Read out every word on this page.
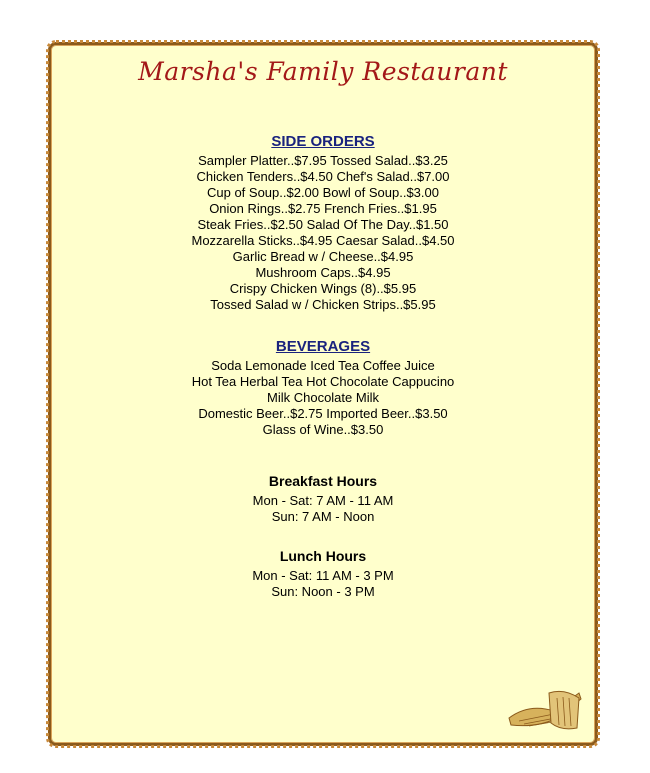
Marsha's Family Restaurant
SIDE ORDERS
Sampler Platter..$7.95 Tossed Salad..$3.25
Chicken Tenders..$4.50 Chef's Salad..$7.00
Cup of Soup..$2.00 Bowl of Soup..$3.00
Onion Rings..$2.75 French Fries..$1.95
Steak Fries..$2.50 Salad Of The Day..$1.50
Mozzarella Sticks..$4.95 Caesar Salad..$4.50
Garlic Bread w / Cheese..$4.95
Mushroom Caps..$4.95
Crispy Chicken Wings (8)..$5.95
Tossed Salad w / Chicken Strips..$5.95
BEVERAGES
Soda Lemonade Iced Tea Coffee Juice
Hot Tea Herbal Tea Hot Chocolate Cappucino
Milk Chocolate Milk
Domestic Beer..$2.75 Imported Beer..$3.50
Glass of Wine..$3.50
Breakfast Hours
Mon - Sat: 7 AM - 11 AM
Sun: 7 AM - Noon
Lunch Hours
Mon - Sat: 11 AM - 3 PM
Sun: Noon - 3 PM
